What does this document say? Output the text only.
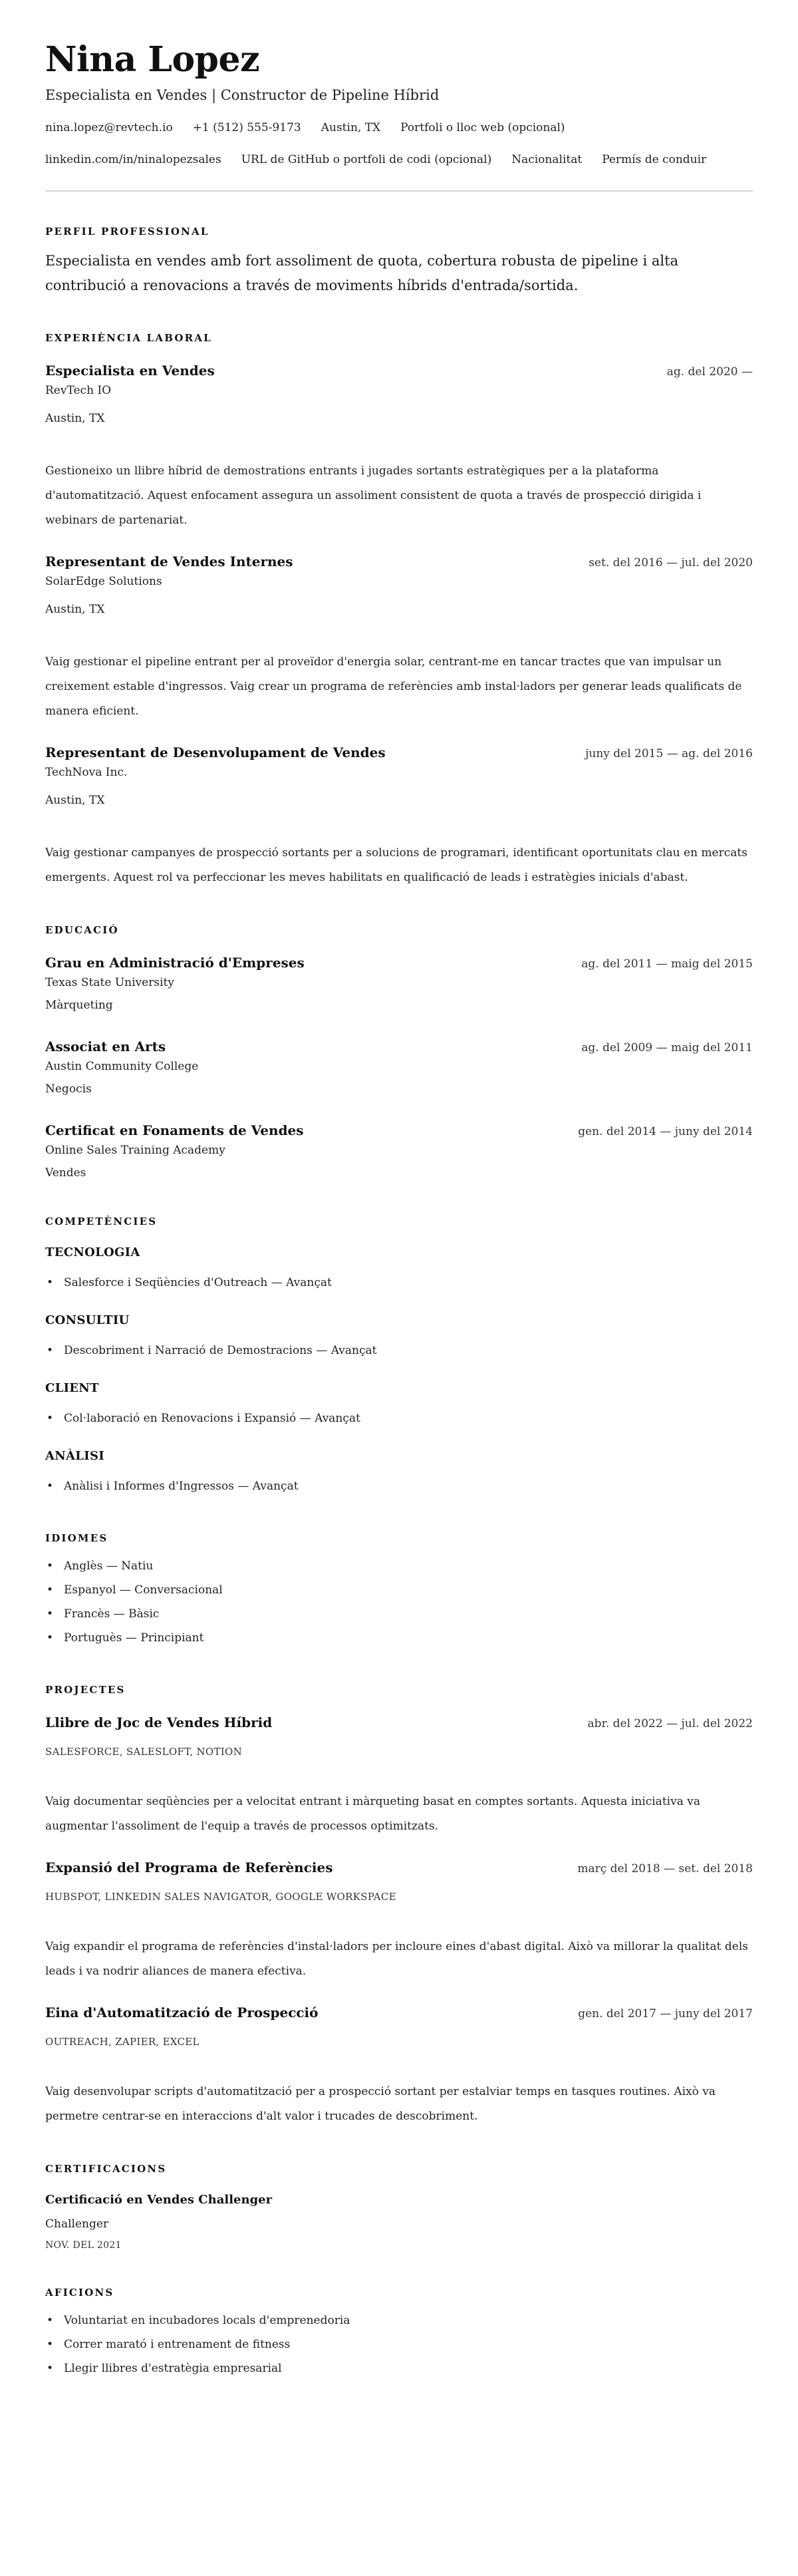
Nina Lopez
Especialista en Vendes | Constructor de Pipeline Híbrid
nina.lopez@revtech.io +1 (512) 555-9173 Austin, TX Portfoli o lloc web (opcional)
linkedin.com/in/ninalopezsales URL de GitHub o portfoli de codi (opcional) Nacionalitat Permís de conduir
PERFIL PROFESSIONAL

Especialista en vendes amb fort assoliment de quota, cobertura robusta de pipeline i alta contribució a renovacions a través de moviments híbrids d'entrada/sortida.

EXPERIÈNCIA LABORAL
Especialista en Vendes	ag. del 2020 —
RevTech IO
Austin, TX

Gestioneixo un llibre híbrid de demostrations entrants i jugades sortants estratègiques per a la plataforma d'automatització. Aquest enfocament assegura un assoliment consistent de quota a través de prospecció dirigida i webinars de partenariat.

Representant de Vendes Internes	set. del 2016 — jul. del 2020
SolarEdge Solutions
Austin, TX

Vaig gestionar el pipeline entrant per al proveïdor d'energia solar, centrant-me en tancar tractes que van impulsar un creixement estable d'ingressos. Vaig crear un programa de referències amb instal·ladors per generar leads qualificats de manera eficient.

Representant de Desenvolupament de Vendes	juny del 2015 — ag. del 2016
TechNova Inc.
Austin, TX

Vaig gestionar campanyes de prospecció sortants per a solucions de programari, identificant oportunitats clau en mercats emergents. Aquest rol va perfeccionar les meves habilitats en qualificació de leads i estratègies inicials d'abast.

EDUCACIÓ
Grau en Administració d'Empreses	ag. del 2011 — maig del 2015
Texas State University
Màrqueting
Associat en Arts	ag. del 2009 — maig del 2011
Austin Community College
Negocis
Certificat en Fonaments de Vendes	gen. del 2014 — juny del 2014
Online Sales Training Academy
Vendes
COMPETÈNCIES
TECNOLOGIA
• Salesforce i Seqüències d'Outreach — Avançat
CONSULTIU
• Descobriment i Narració de Demostracions — Avançat
CLIENT
• Col·laboració en Renovacions i Expansió — Avançat
ANÀLISI
• Anàlisi i Informes d'Ingressos — Avançat
IDIOMES
• Anglès — Natiu
• Espanyol — Conversacional
• Francès — Bàsic
• Portuguès — Principiant
PROJECTES
Llibre de Joc de Vendes Híbrid	abr. del 2022 — jul. del 2022
SALESFORCE, SALESLOFT, NOTION

Vaig documentar seqüències per a velocitat entrant i màrqueting basat en comptes sortants. Aquesta iniciativa va augmentar l'assoliment de l'equip a través de processos optimitzats.

Expansió del Programa de Referències	març del 2018 — set. del 2018
HUBSPOT, LINKEDIN SALES NAVIGATOR, GOOGLE WORKSPACE

Vaig expandir el programa de referències d'instal·ladors per incloure eines d'abast digital. Això va millorar la qualitat dels leads i va nodrir aliances de manera efectiva.

Eina d'Automatització de Prospecció	gen. del 2017 — juny del 2017
OUTREACH, ZAPIER, EXCEL

Vaig desenvolupar scripts d'automatització per a prospecció sortant per estalviar temps en tasques routines. Això va permetre centrar-se en interaccions d'alt valor i trucades de descobriment.

CERTIFICACIONS
Certificació en Vendes Challenger
Challenger
NOV. DEL 2021
AFICIONS
• Voluntariat en incubadores locals d'emprenedoria
• Correr marató i entrenament de fitness
• Llegir llibres d'estratègia empresarial
